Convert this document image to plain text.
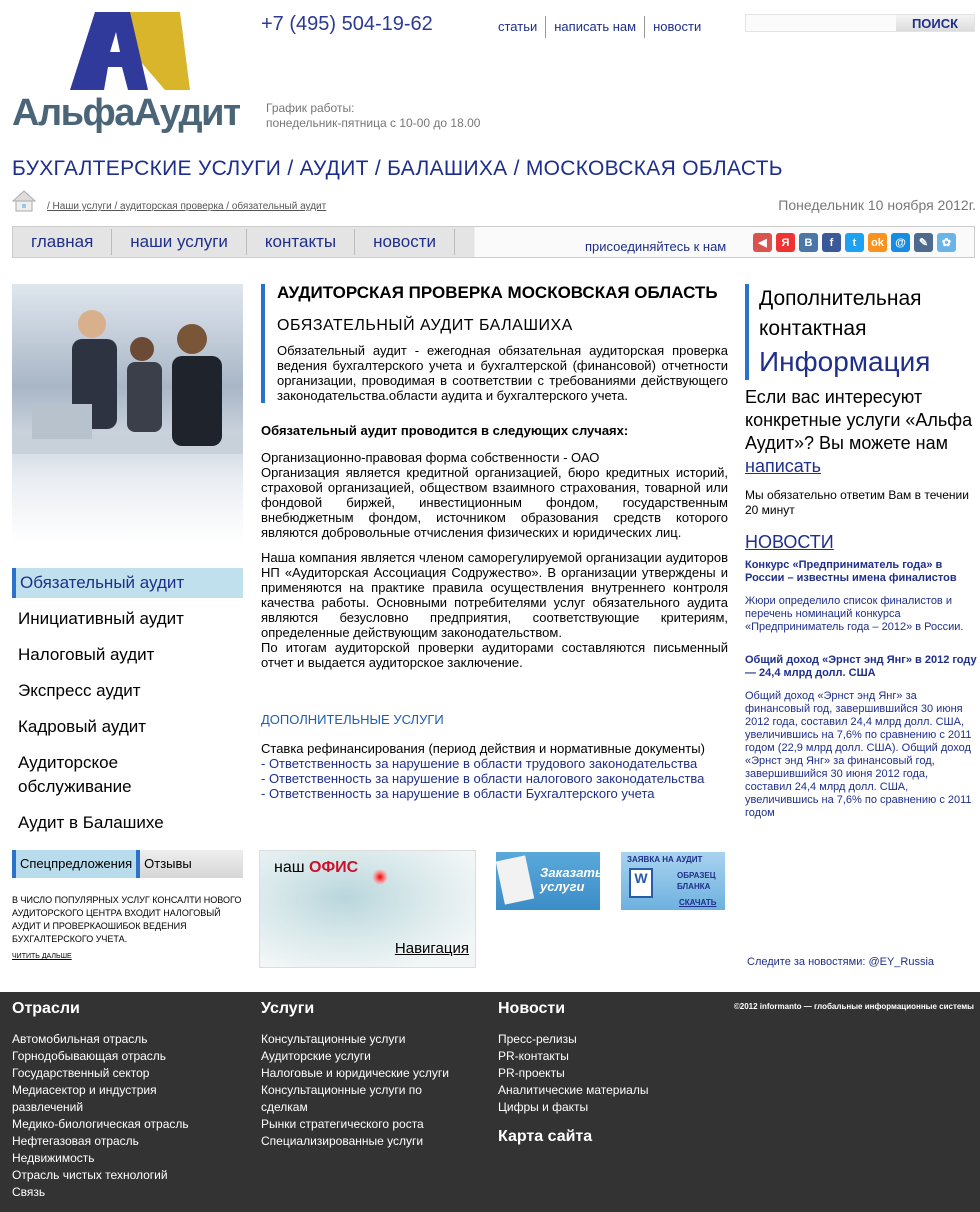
АльфаАудит
+7 (495) 504-19-62	статьи	написать нам	новости	ПОИСК
График работы:
понедельник-пятница с 10-00 до 18.00
БУХГАЛТЕРСКИЕ УСЛУГИ / АУДИТ / БАЛАШИХА / МОСКОВСКАЯ ОБЛАСТЬ
/ Наши услуги / аудиторская проверка / обязательный аудит	Понедельник 10 ноября 2012г.
главная	наши услуги	контакты	новости	присоединяйтесь к нам	◀	Я	В	f	t	ok	@	✎	✿
Обязательный аудит
Инициативный аудит
Налоговый аудит
Экспресс аудит
Кадровый аудит
Аудиторское обслуживание
Аудит в Балашихе
АУДИТОРСКАЯ ПРОВЕРКА МОСКОВСКАЯ ОБЛАСТЬ
ОБЯЗАТЕЛЬНЫЙ АУДИТ БАЛАШИХА
Обязательный аудит - ежегодная обязательная аудиторская проверка ведения бухгалтерского учета и бухгалтерской (финансовой) отчетности организации, проводимая в соответствии с требованиями действующего законодательства.области аудита и бухгалтерского учета.
Обязательный аудит проводится в следующих случаях:
Организационно-правовая форма собственности - ОАО
Организация является кредитной организацией, бюро кредитных историй, страховой организацией, обществом взаимного страхования, товарной или фондовой биржей, инвестиционным фондом, государственным внебюджетным фондом, источником образования средств которого являются добровольные отчисления физических и юридических лиц.
Наша компания является членом саморегулируемой организации аудиторов НП «Аудиторская Ассоциация Содружество». В организации утверждены и применяются на практике правила осуществления внутреннего контроля качества работы. Основными потребителями услуг обязательного аудита являются безусловно предприятия, соответствующие критериям, определенные действующим законодательством.
По итогам аудиторской проверки аудиторами составляются письменный отчет и выдается аудиторское заключение.
ДОПОЛНИТЕЛЬНЫЕ УСЛУГИ
Ставка рефинансирования (период действия и нормативные документы)
- Ответственность за нарушение в области трудового законодательства
- Ответственность за нарушение в области налогового законодательства
- Ответственность за нарушение в области Бухгалтерского учета
Дополнительная
контактная
Информация
Если вас интересуют конкретные услуги «Альфа Аудит»? Вы можете нам написать
Мы обязательно ответим Вам в течении 20 минут
НОВОСТИ
Конкурс «Предприниматель года» в России – известны имена финалистов
Жюри определило список финалистов и перечень номинаций конкурса «Предприниматель года – 2012» в России.
Общий доход «Эрнст энд Янг» в 2012 году — 24,4 млрд долл. США
Общий доход «Эрнст энд Янг» за финансовый год, завершившийся 30 июня 2012 года, составил 24,4 млрд долл. США, увеличившись на 7,6% по сравнению с 2011 годом (22,9 млрд долл. США). Общий доход «Эрнст энд Янг» за финансовый год, завершившийся 30 июня 2012 года, составил 24,4 млрд долл. США, увеличившись на 7,6% по сравнению с 2011 годом
Спецпредложения Отзывы
В ЧИСЛО ПОПУЛЯРНЫХ УСЛУГ КОНСАЛТИ НОВОГО АУДИТОРСКОГО ЦЕНТРА ВХОДИТ НАЛОГОВЫЙ АУДИТ И ПРОВЕРКАОШИБОК ВЕДЕНИЯ БУХГАЛТЕРСКОГО УЧЕТА.
ЧИТИТЬ ДАЛЬШЕ
наш ОФИС
Навигация
Заказать услуги
ЗАЯВКА НА АУДИТ
W	ОБРАЗЕЦ БЛАНКА
СКАЧАТЬ
Следите за новостями: @EY_Russia
Отрасли
Автомобильная отрасль
Горнодобывающая отрасль
Государственный сектор
Медиасектор и индустрия развлечений
Медико-биологическая отрасль
Нефтегазовая отрасль
Недвижимость
Отрасль чистых технологий
Связь
Услуги
Консультационные услуги
Аудиторские услуги
Налоговые и юридические услуги
Консультационные услуги по сделкам
Рынки стратегического роста
Специализированные услуги
Новости
Пресс-релизы
PR-контакты
PR-проекты
Аналитические материалы
Цифры и факты
Карта сайта
©2012 informanto — глобальные информационные системы
